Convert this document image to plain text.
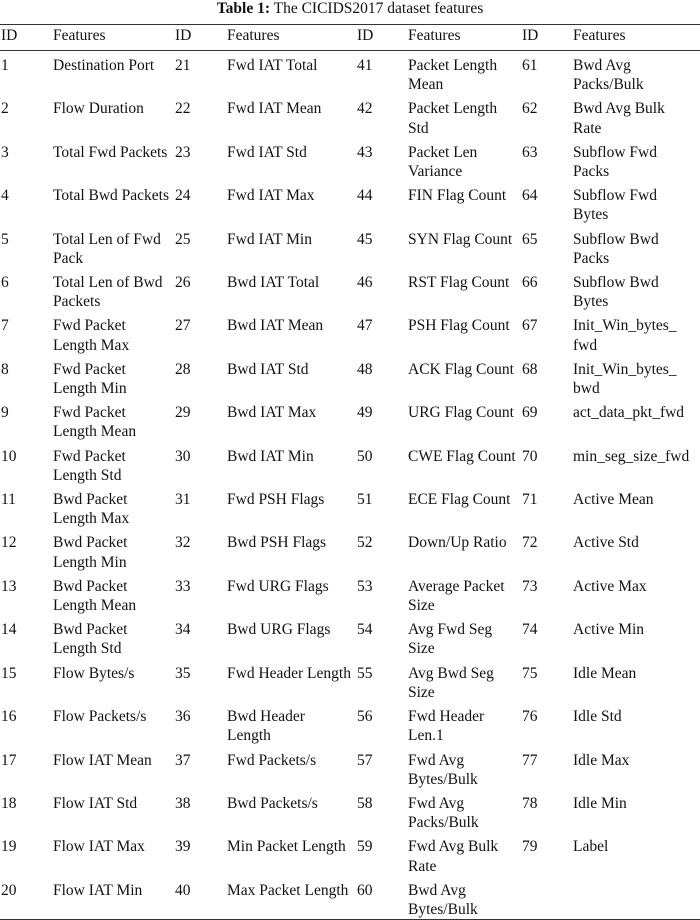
Table 1: The CICIDS2017 dataset features
ID	Features	ID	Features	ID	Features	ID	Features
1	Destination Port	21	Fwd IAT Total	41	Packet Length Mean	61	Bwd Avg Packs/Bulk
2	Flow Duration	22	Fwd IAT Mean	42	Packet Length Std	62	Bwd Avg Bulk Rate
3	Total Fwd Packets	23	Fwd IAT Std	43	Packet Len Variance	63	Subflow Fwd Packs
4	Total Bwd Packets	24	Fwd IAT Max	44	FIN Flag Count	64	Subflow Fwd Bytes
5	Total Len of Fwd Pack	25	Fwd IAT Min	45	SYN Flag Count	65	Subflow Bwd Packs
6	Total Len of Bwd Packets	26	Bwd IAT Total	46	RST Flag Count	66	Subflow Bwd Bytes
7	Fwd Packet Length Max	27	Bwd IAT Mean	47	PSH Flag Count	67	Init_Win_bytes_ fwd
8	Fwd Packet Length Min	28	Bwd IAT Std	48	ACK Flag Count	68	Init_Win_bytes_ bwd
9	Fwd Packet Length Mean	29	Bwd IAT Max	49	URG Flag Count	69	act_data_pkt_fwd
10	Fwd Packet Length Std	30	Bwd IAT Min	50	CWE Flag Count	70	min_seg_size_fwd
11	Bwd Packet Length Max	31	Fwd PSH Flags	51	ECE Flag Count	71	Active Mean
12	Bwd Packet Length Min	32	Bwd PSH Flags	52	Down/Up Ratio	72	Active Std
13	Bwd Packet Length Mean	33	Fwd URG Flags	53	Average Packet Size	73	Active Max
14	Bwd Packet Length Std	34	Bwd URG Flags	54	Avg Fwd Seg Size	74	Active Min
15	Flow Bytes/s	35	Fwd Header Length	55	Avg Bwd Seg Size	75	Idle Mean
16	Flow Packets/s	36	Bwd Header Length	56	Fwd Header Len.1	76	Idle Std
17	Flow IAT Mean	37	Fwd Packets/s	57	Fwd Avg Bytes/Bulk	77	Idle Max
18	Flow IAT Std	38	Bwd Packets/s	58	Fwd Avg Packs/Bulk	78	Idle Min
19	Flow IAT Max	39	Min Packet Length	59	Fwd Avg Bulk Rate	79	Label
20	Flow IAT Min	40	Max Packet Length	60	Bwd Avg Bytes/Bulk		
